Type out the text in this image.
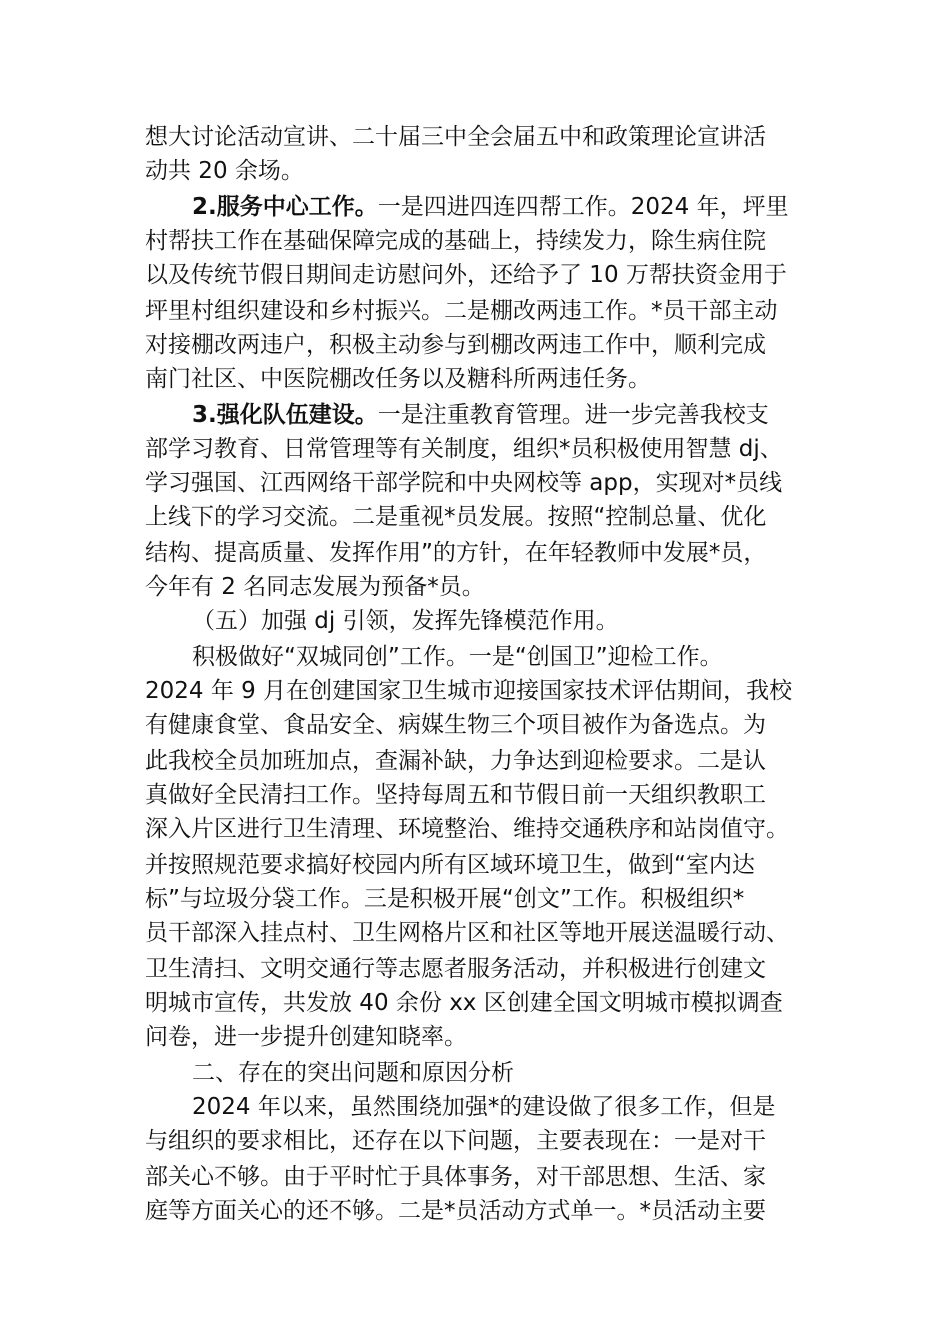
想大讨论活动宣讲、二十届三中全会届五中和政策理论宣讲活
动共 20 余场。
2.服务中心工作。一是四进四连四帮工作。2024 年，坪里
村帮扶工作在基础保障完成的基础上，持续发力，除生病住院
以及传统节假日期间走访慰问外，还给予了 10 万帮扶资金用于
坪里村组织建设和乡村振兴。二是棚改两违工作。*员干部主动
对接棚改两违户，积极主动参与到棚改两违工作中，顺利完成
南门社区、中医院棚改任务以及糖科所两违任务。
3.强化队伍建设。一是注重教育管理。进一步完善我校支
部学习教育、日常管理等有关制度，组织*员积极使用智慧 dj、
学习强国、江西网络干部学院和中央网校等 app，实现对*员线
上线下的学习交流。二是重视*员发展。按照“控制总量、优化
结构、提高质量、发挥作用”的方针，在年轻教师中发展*员，
今年有 2 名同志发展为预备*员。
（五）加强 dj 引领，发挥先锋模范作用。
积极做好“双城同创”工作。一是“创国卫”迎检工作。
2024 年 9 月在创建国家卫生城市迎接国家技术评估期间，我校
有健康食堂、食品安全、病媒生物三个项目被作为备选点。为
此我校全员加班加点，查漏补缺，力争达到迎检要求。二是认
真做好全民清扫工作。坚持每周五和节假日前一天组织教职工
深入片区进行卫生清理、环境整治、维持交通秩序和站岗值守。
并按照规范要求搞好校园内所有区域环境卫生，做到“室内达
标”与垃圾分袋工作。三是积极开展“创文”工作。积极组织*
员干部深入挂点村、卫生网格片区和社区等地开展送温暖行动、
卫生清扫、文明交通行等志愿者服务活动，并积极进行创建文
明城市宣传，共发放 40 余份 xx 区创建全国文明城市模拟调查
问卷，进一步提升创建知晓率。
二、存在的突出问题和原因分析
2024 年以来，虽然围绕加强*的建设做了很多工作，但是
与组织的要求相比，还存在以下问题，主要表现在：一是对干
部关心不够。由于平时忙于具体事务，对干部思想、生活、家
庭等方面关心的还不够。二是*员活动方式单一。*员活动主要
